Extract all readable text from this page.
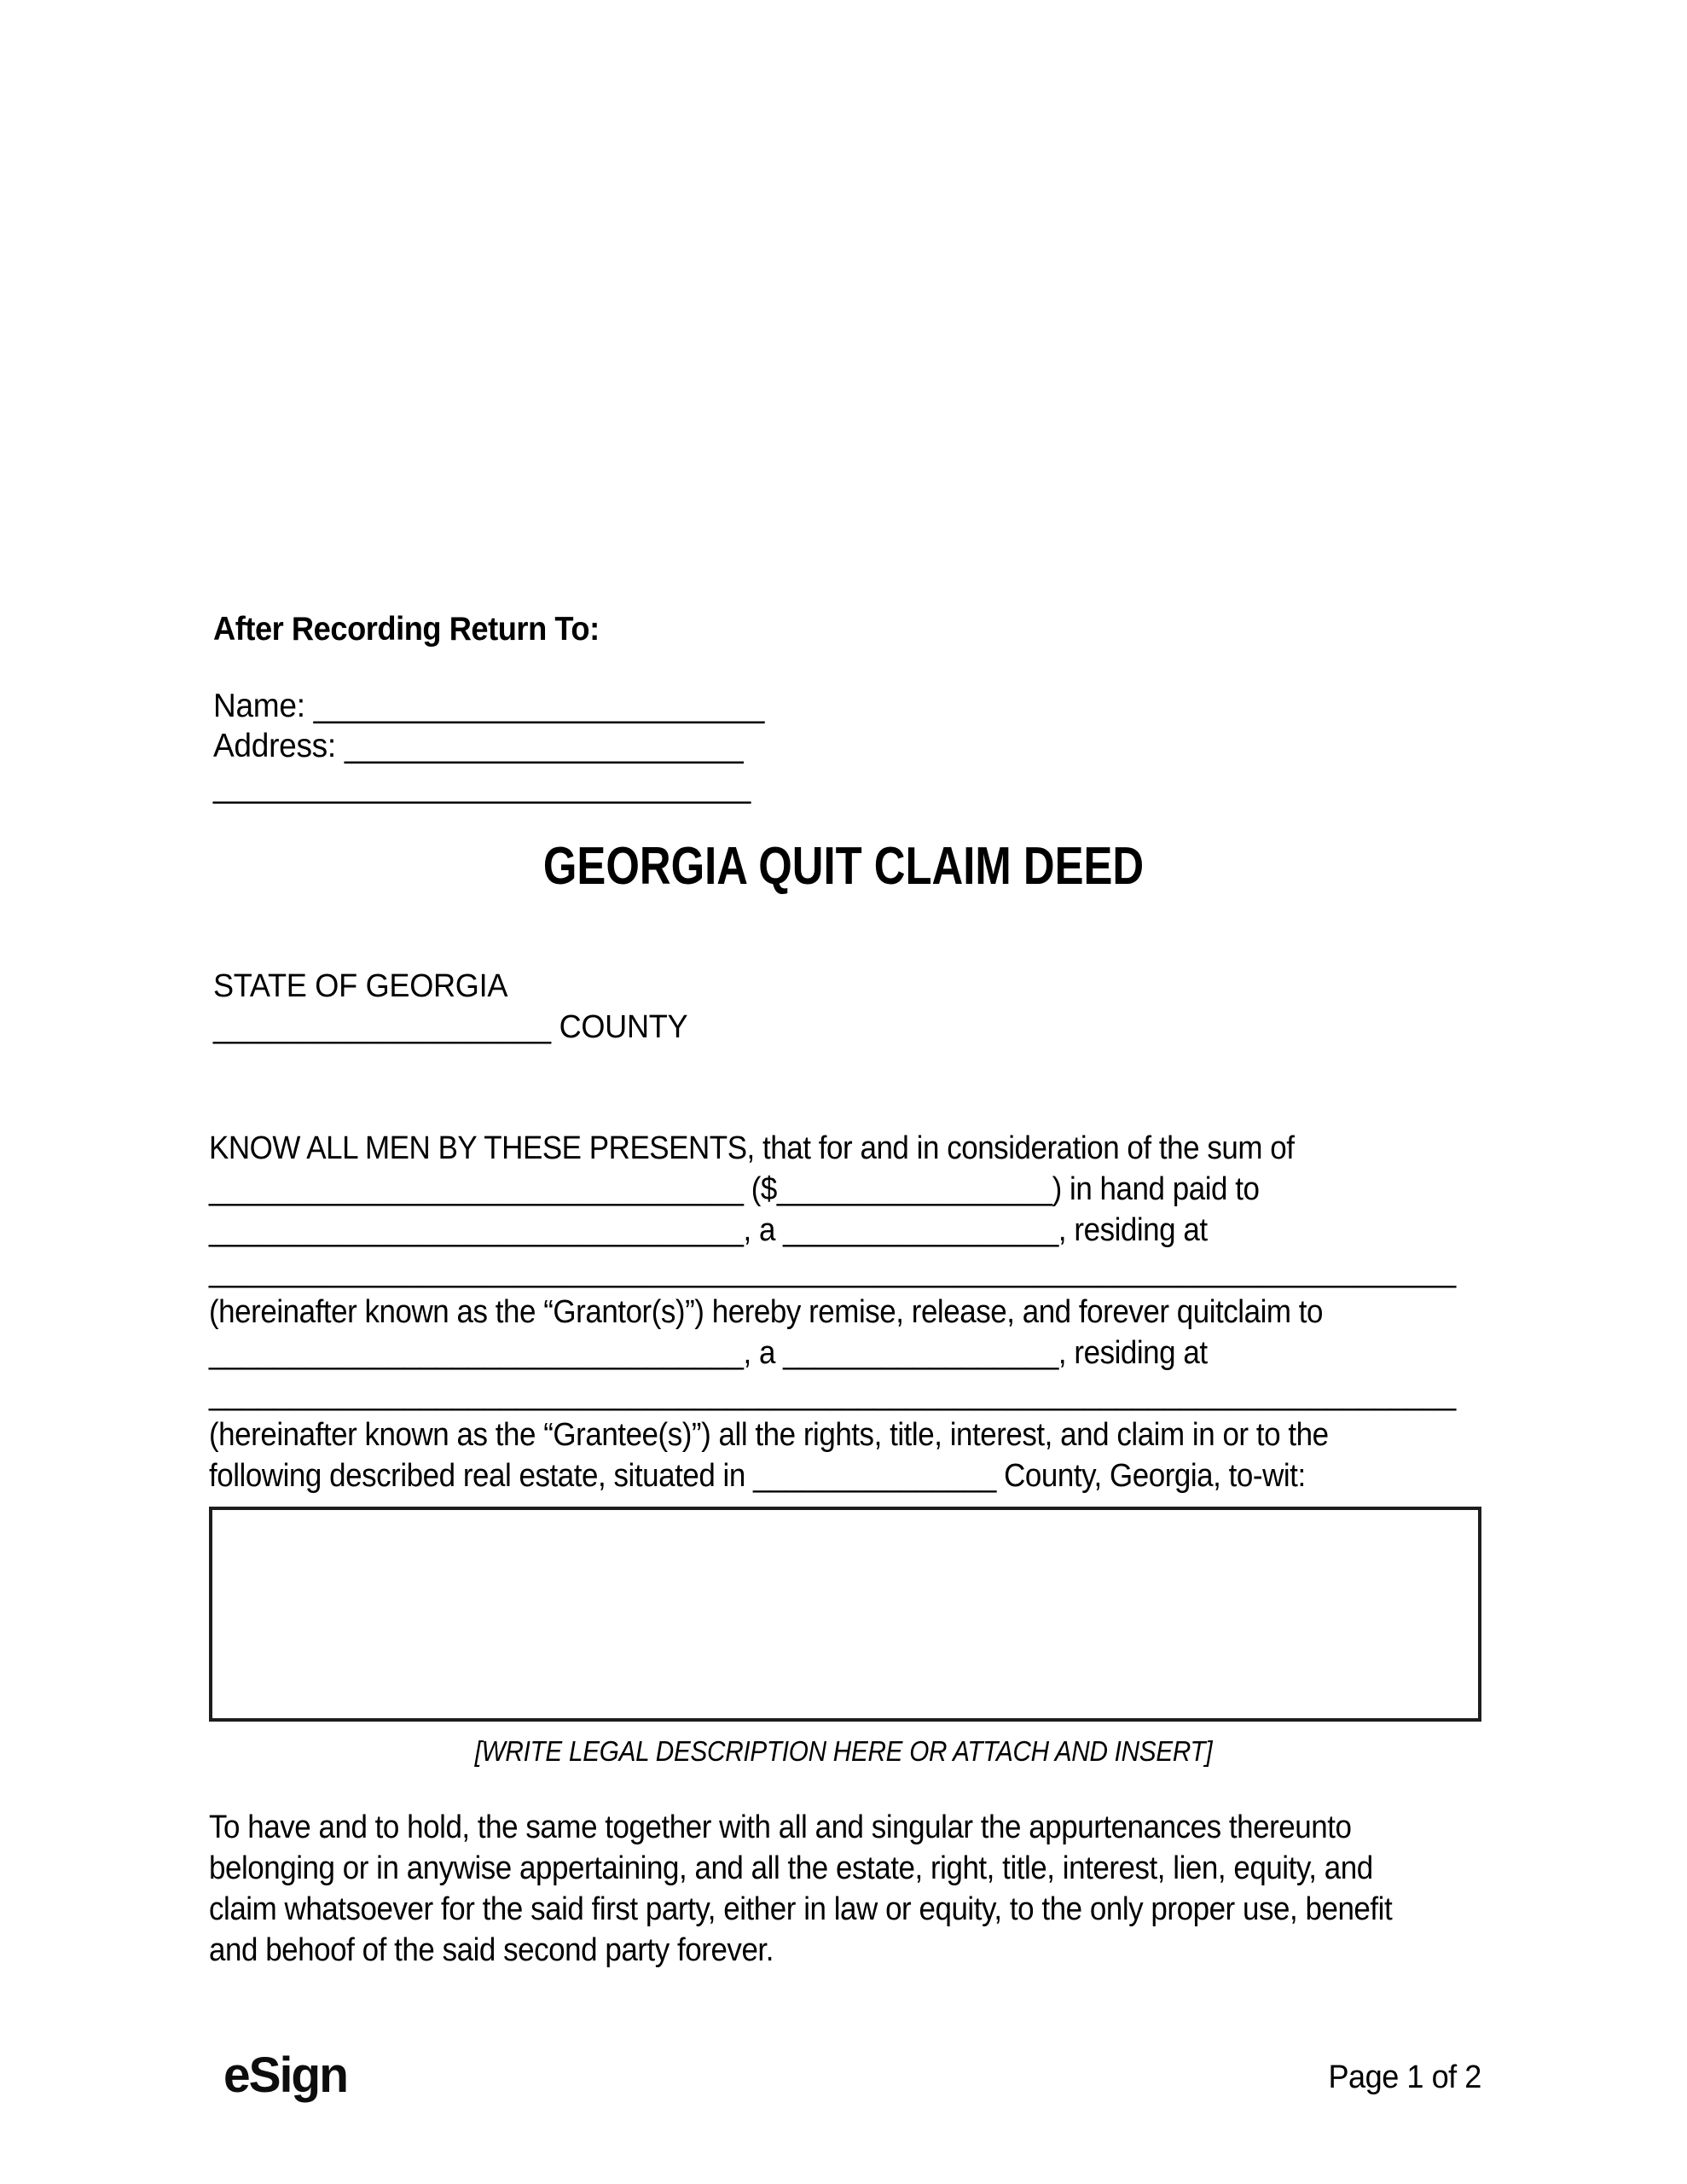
After Recording Return To:
Name: __________________________
Address: _______________________
_______________________________
GEORGIA QUIT CLAIM DEED
STATE OF GEORGIA
____________________ COUNTY
KNOW ALL MEN BY THESE PRESENTS, that for and in consideration of the sum of
_________________________________ ($_________________) in hand paid to
_________________________________, a _________________, residing at
_____________________________________________________________________________
(hereinafter known as the “Grantor(s)”) hereby remise, release, and forever quitclaim to
_________________________________, a _________________, residing at
_____________________________________________________________________________
(hereinafter known as the “Grantee(s)”) all the rights, title, interest, and claim in or to the
following described real estate, situated in _______________ County, Georgia, to-wit:
[WRITE LEGAL DESCRIPTION HERE OR ATTACH AND INSERT]
To have and to hold, the same together with all and singular the appurtenances thereunto
belonging or in anywise appertaining, and all the estate, right, title, interest, lien, equity, and
claim whatsoever for the said first party, either in law or equity, to the only proper use, benefit
and behoof of the said second party forever.
eSign	Page 1 of 2
